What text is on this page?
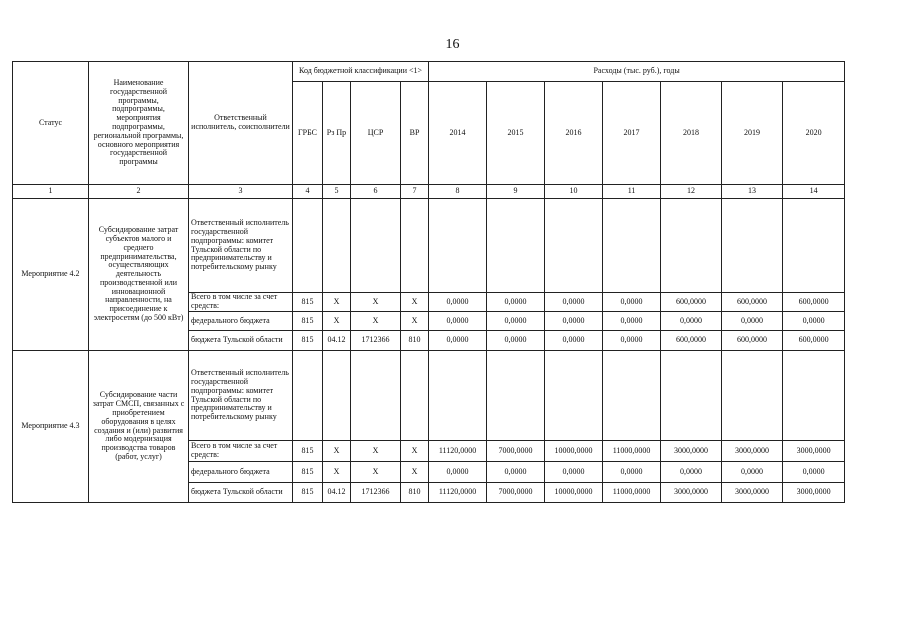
16
Статус	Наименование государственной программы, подпрограммы, мероприятия подпрограммы, региональной программы, основного мероприятия государственной программы	Ответственный исполнитель, соисполнители	Код бюджетной классификации <1>				Расходы (тыс. руб.), годы						
			ГРБС	Рз Пр	ЦСР	ВР	2014	2015	2016	2017	2018	2019	2020
1	2	3	4	5	6	7	8	9	10	11	12	13	14
Мероприятие 4.2	Субсидирование затрат субъектов малого и среднего предпринимательства, осуществляющих деятельность производственной или инновационной направленности, на присоединение к электросетям (до 500 кВт)	Ответственный исполнитель государственной подпрограммы: комитет Тульской области по предпринимательству и потребительскому рынку											
		Всего в том числе за счет средств:	815	X	X	X	0,0000	0,0000	0,0000	0,0000	600,0000	600,0000	600,0000
		федерального бюджета	815	X	X	X	0,0000	0,0000	0,0000	0,0000	0,0000	0,0000	0,0000
		бюджета Тульской области	815	04.12	1712366	810	0,0000	0,0000	0,0000	0,0000	600,0000	600,0000	600,0000
Мероприятие 4.3	Субсидирование части затрат СМСП, связанных с приобретением оборудования в целях создания и (или) развития либо модернизация производства товаров (работ, услуг)	Ответственный исполнитель государственной подпрограммы: комитет Тульской области по предпринимательству и потребительскому рынку											
		Всего в том числе за счет средств:	815	X	X	X	11120,0000	7000,0000	10000,0000	11000,0000	3000,0000	3000,0000	3000,0000
		федерального бюджета	815	X	X	X	0,0000	0,0000	0,0000	0,0000	0,0000	0,0000	0,0000
		бюджета Тульской области	815	04.12	1712366	810	11120,0000	7000,0000	10000,0000	11000,0000	3000,0000	3000,0000	3000,0000
